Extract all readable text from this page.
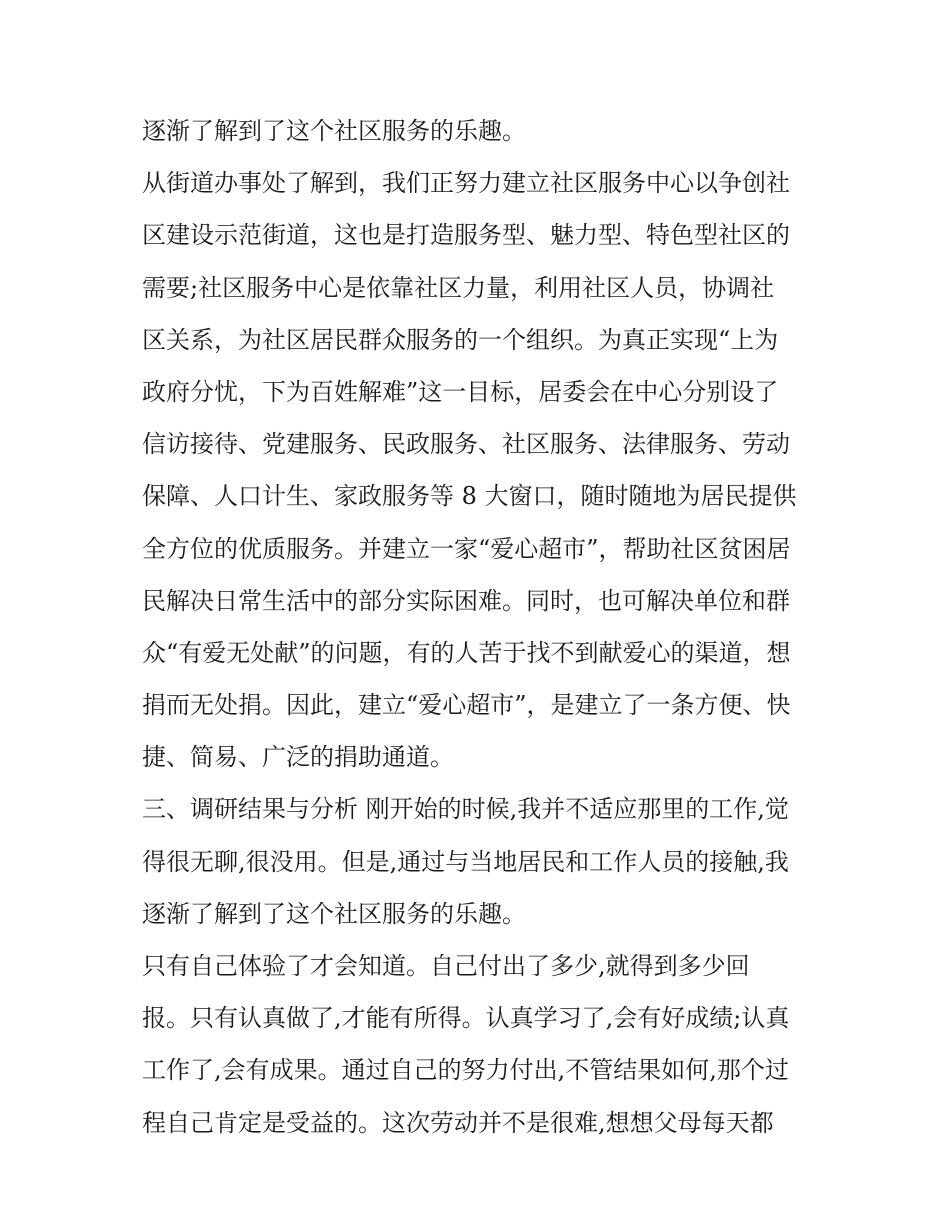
逐渐了解到了这个社区服务的乐趣。
从街道办事处了解到，我们正努力建立社区服务中心以争创社
区建设示范街道，这也是打造服务型、魅力型、特色型社区的
需要;社区服务中心是依靠社区力量，利用社区人员，协调社
区关系，为社区居民群众服务的一个组织。为真正实现“上为
政府分忧，下为百姓解难”这一目标，居委会在中心分别设了
信访接待、党建服务、民政服务、社区服务、法律服务、劳动
保障、人口计生、家政服务等 8 大窗口，随时随地为居民提供
全方位的优质服务。并建立一家“爱心超市”，帮助社区贫困居
民解决日常生活中的部分实际困难。同时，也可解决单位和群
众“有爱无处献”的问题，有的人苦于找不到献爱心的渠道，想
捐而无处捐。因此，建立“爱心超市”，是建立了一条方便、快
捷、简易、广泛的捐助通道。
三、调研结果与分析 刚开始的时候,我并不适应那里的工作,觉
得很无聊,很没用。但是,通过与当地居民和工作人员的接触,我
逐渐了解到了这个社区服务的乐趣。
只有自己体验了才会知道。自己付出了多少,就得到多少回
报。只有认真做了,才能有所得。认真学习了,会有好成绩;认真
工作了,会有成果。通过自己的努力付出,不管结果如何,那个过
程自己肯定是受益的。这次劳动并不是很难,想想父母每天都
